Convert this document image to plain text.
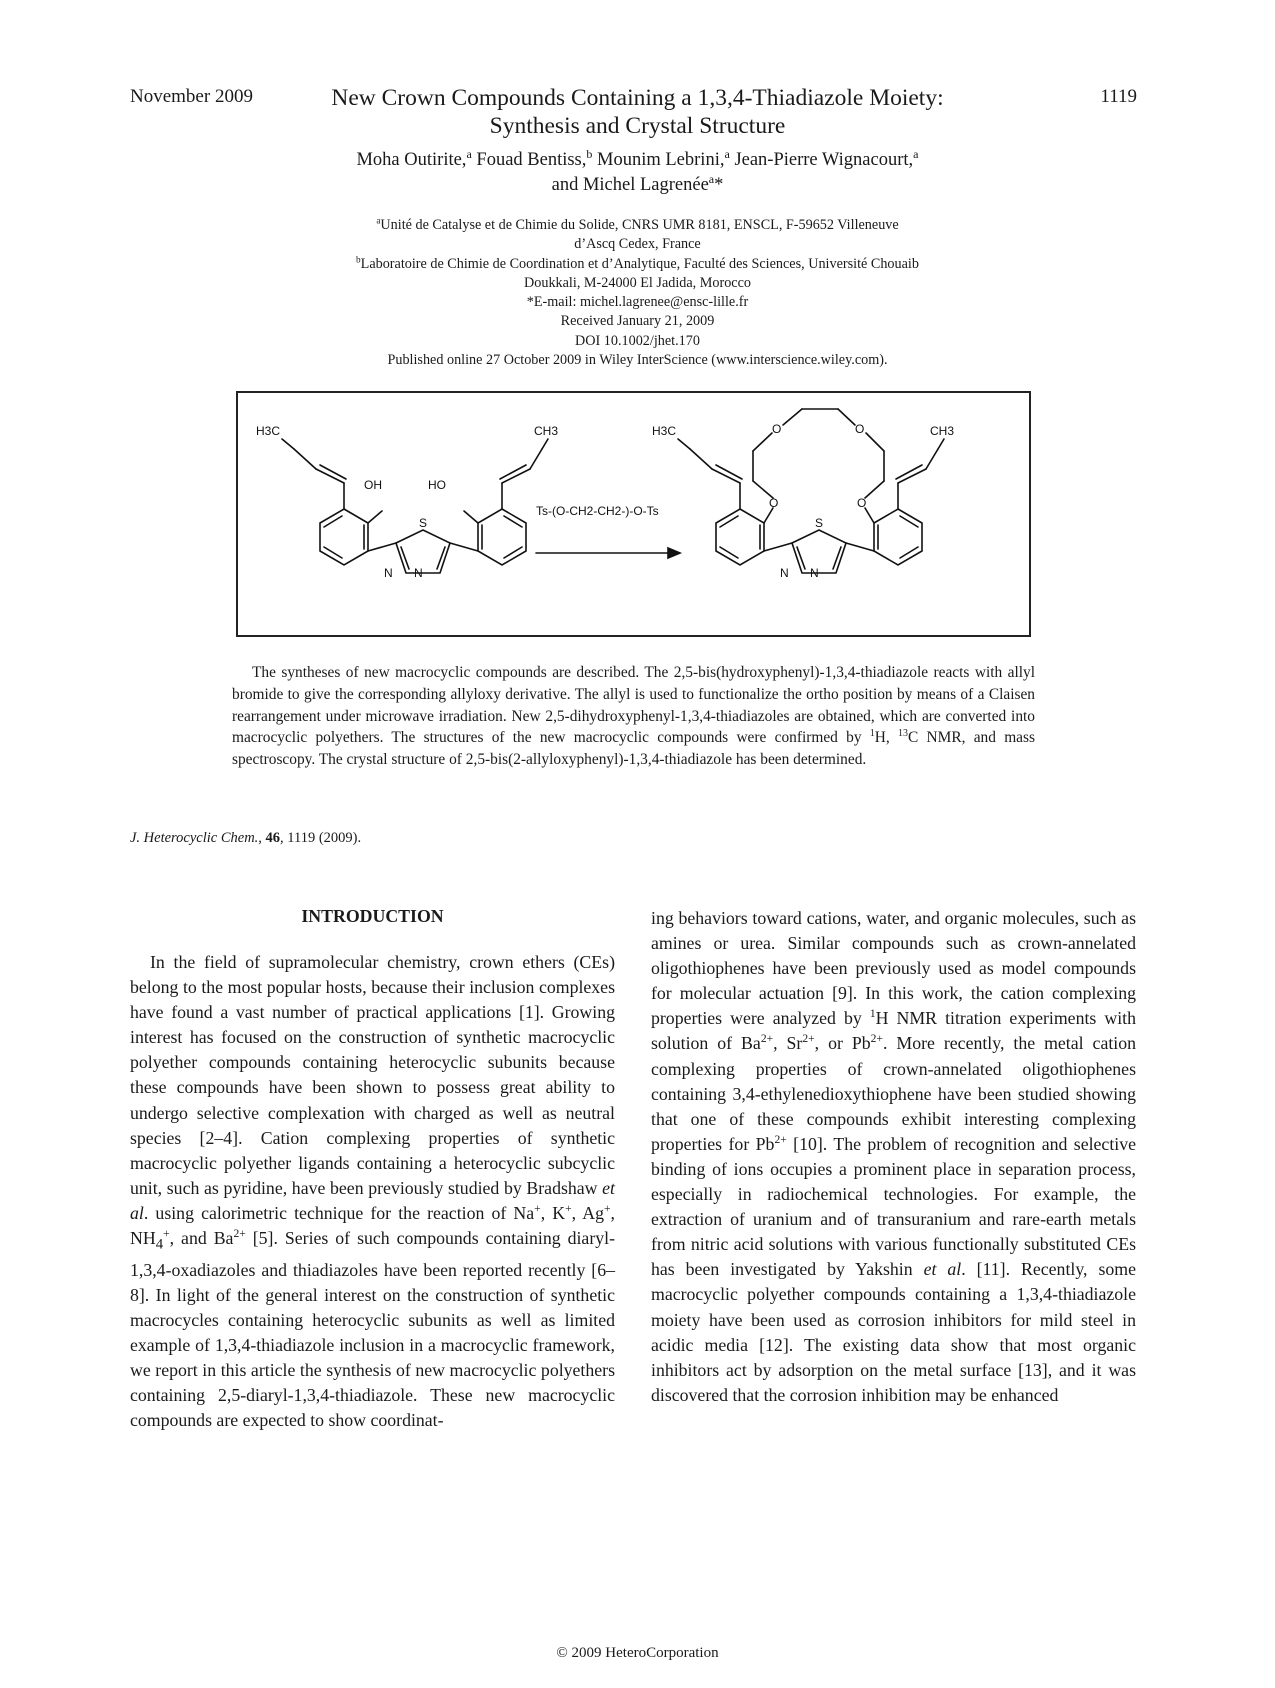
November 2009	1119
New Crown Compounds Containing a 1,3,4-Thiadiazole Moiety:
Synthesis and Crystal Structure
Moha Outirite,$^a$ Fouad Bentiss,$^b$ Mounim Lebrini,$^a$ Jean-Pierre Wignacourt,$^a$
and Michel Lagrenée$^a$*
$^a$Unité de Catalyse et de Chimie du Solide, CNRS UMR 8181, ENSCL, F-59652 Villeneuve
d’Ascq Cedex, France
$^b$Laboratoire de Chimie de Coordination et d’Analytique, Faculté des Sciences, Université Chouaib
Doukkali, M-24000 El Jadida, Morocco
*E-mail: michel.lagrenee@ensc-lille.fr
Received January 21, 2009
DOI 10.1002/jhet.170
Published online 27 October 2009 in Wiley InterScience (www.interscience.wiley.com).
H3C	CH3
OH	HO
S
N N
Ts-(O-CH2-CH2-)-O-Ts
H3C	CH3
O	O
O	O
S
N N
The syntheses of new macrocyclic compounds are described. The 2,5-bis(hydroxyphenyl)-1,3,4-thiadiazole reacts with allyl bromide to give the corresponding allyloxy derivative. The allyl is used to functionalize the ortho position by means of a Claisen rearrangement under microwave irradiation. New 2,5-dihydroxyphenyl-1,3,4-thiadiazoles are obtained, which are converted into macrocyclic polyethers. The structures of the new macrocyclic compounds were confirmed by $^1$H, $^{13}$C NMR, and mass spectroscopy. The crystal structure of 2,5-bis(2-allyloxyphenyl)-1,3,4-thiadiazole has been determined.
J. Heterocyclic Chem., 46, 1119 (2009).
INTRODUCTION
In the field of supramolecular chemistry, crown ethers (CEs) belong to the most popular hosts, because their inclusion complexes have found a vast number of practical applications [1]. Growing interest has focused on the construction of synthetic macrocyclic polyether compounds containing heterocyclic subunits because these compounds have been shown to possess great ability to undergo selective complexation with charged as well as neutral species [2–4]. Cation complexing properties of synthetic macrocyclic polyether ligands containing a heterocyclic subcyclic unit, such as pyridine, have been previously studied by Bradshaw et al. using calorimetric technique for the reaction of Na+, K+, Ag+, $NH_4^+$, and $Ba^{2+}$ [5]. Series of such compounds containing diaryl-1,3,4-oxadiazoles and thiadiazoles have been reported recently [6–8]. In light of the general interest on the construction of synthetic macrocycles containing heterocyclic subunits as well as limited example of 1,3,4-thiadiazole inclusion in a macrocyclic framework, we report in this article the synthesis of new macrocyclic polyethers containing 2,5-diaryl-1,3,4-thiadiazole. These new macrocyclic compounds are expected to show coordinat-
ing behaviors toward cations, water, and organic molecules, such as amines or urea. Similar compounds such as crown-annelated oligothiophenes have been previously used as model compounds for molecular actuation [9]. In this work, the cation complexing properties were analyzed by $^1$H NMR titration experiments with solution of $Ba^{2+}$, $Sr^{2+}$, or $Pb^{2+}$. More recently, the metal cation complexing properties of crown-annelated oligothiophenes containing 3,4-ethylenedioxythiophene have been studied showing that one of these compounds exhibit interesting complexing properties for $Pb^{2+}$ [10]. The problem of recognition and selective binding of ions occupies a prominent place in separation process, especially in radiochemical technologies. For example, the extraction of uranium and of transuranium and rare-earth metals from nitric acid solutions with various functionally substituted CEs has been investigated by Yakshin et al. [11]. Recently, some macrocyclic polyether compounds containing a 1,3,4-thiadiazole moiety have been used as corrosion inhibitors for mild steel in acidic media [12]. The existing data show that most organic inhibitors act by adsorption on the metal surface [13], and it was discovered that the corrosion inhibition may be enhanced
© 2009 HeteroCorporation
